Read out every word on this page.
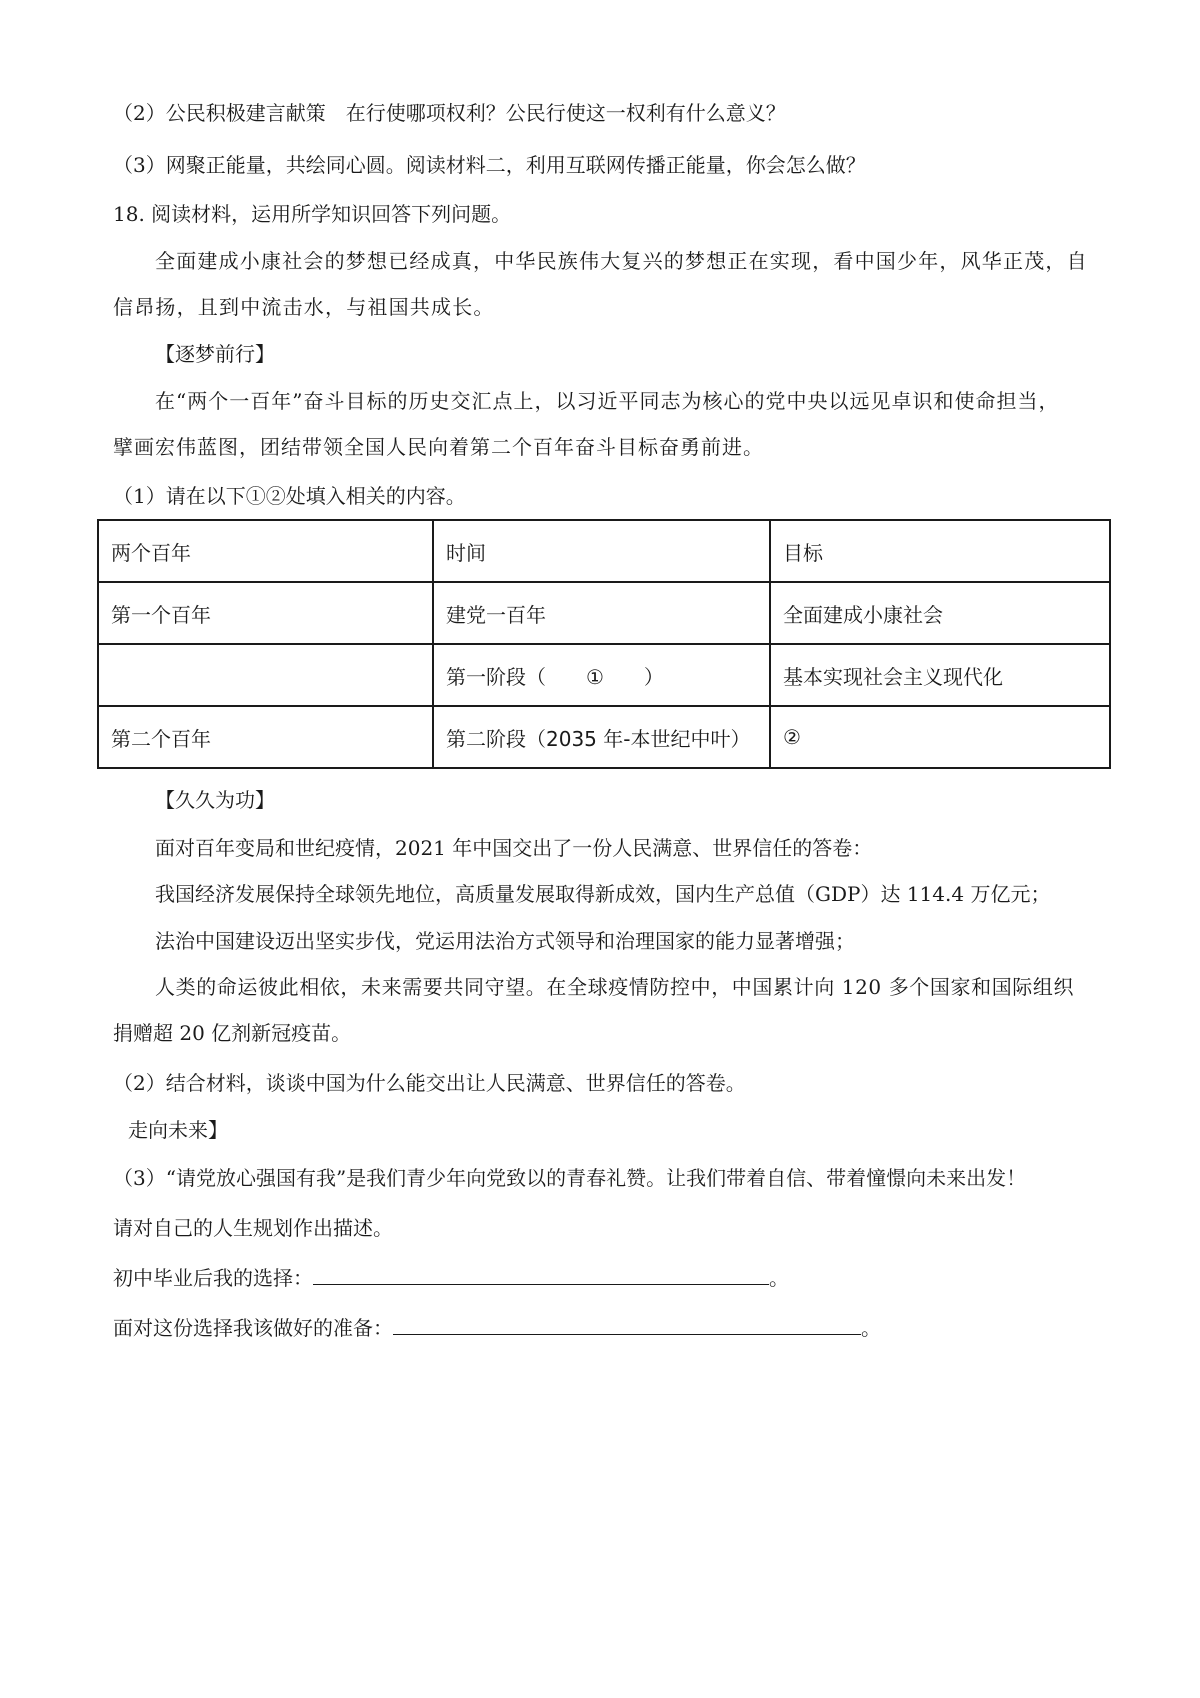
（2）公民积极建言献策　在行使哪项权利？公民行使这一权利有什么意义？
（3）网聚正能量，共绘同心圆。阅读材料二，利用互联网传播正能量，你会怎么做？
18. 阅读材料，运用所学知识回答下列问题。
全面建成小康社会的梦想已经成真，中华民族伟大复兴的梦想正在实现，看中国少年，风华正茂，自
信昂扬，且到中流击水，与祖国共成长。
【逐梦前行】
在“两个一百年”奋斗目标的历史交汇点上，以习近平同志为核心的党中央以远见卓识和使命担当，
擘画宏伟蓝图，团结带领全国人民向着第二个百年奋斗目标奋勇前进。
（1）请在以下①②处填入相关的内容。
两个百年	时间	目标
第一个百年	建党一百年	全面建成小康社会
	第一阶段（　　①　　）	基本实现社会主义现代化
第二个百年	第二阶段（2035 年-本世纪中叶）	②
【久久为功】
面对百年变局和世纪疫情，2021 年中国交出了一份人民满意、世界信任的答卷：
我国经济发展保持全球领先地位，高质量发展取得新成效，国内生产总值（GDP）达 114.4 万亿元；
法治中国建设迈出坚实步伐，党运用法治方式领导和治理国家的能力显著增强；
人类的命运彼此相依，未来需要共同守望。在全球疫情防控中，中国累计向 120 多个国家和国际组织
捐赠超 20 亿剂新冠疫苗。
（2）结合材料，谈谈中国为什么能交出让人民满意、世界信任的答卷。
走向未来】
（3）“请党放心强国有我”是我们青少年向党致以的青春礼赞。让我们带着自信、带着憧憬向未来出发！
请对自己的人生规划作出描述。
初中毕业后我的选择：	。
面对这份选择我该做好的准备：	。
